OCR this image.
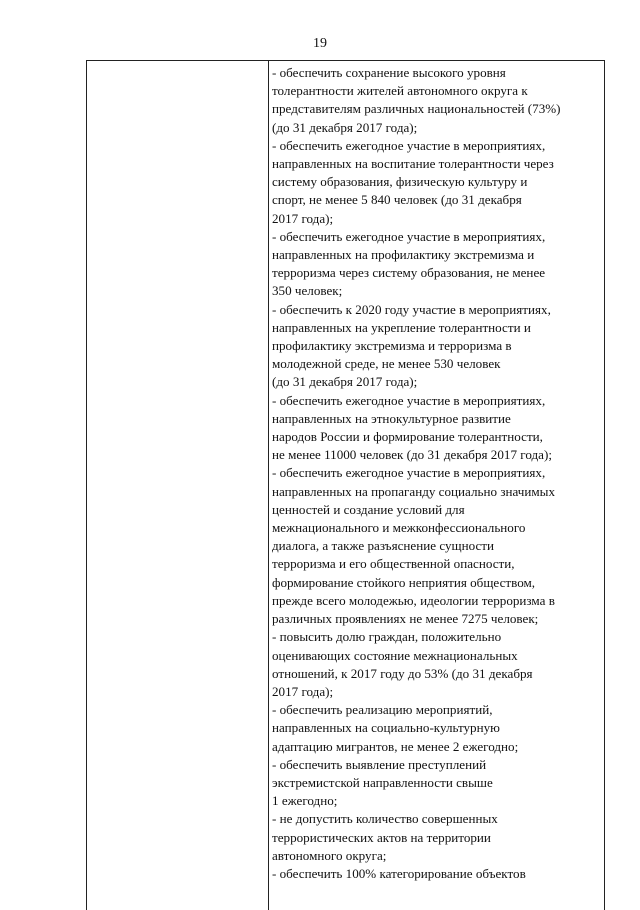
19
- обеспечить сохранение высокого уровня
толерантности жителей автономного округа к
представителям различных национальностей (73%)
(до 31 декабря 2017 года);
- обеспечить ежегодное участие в мероприятиях,
направленных на воспитание толерантности через
систему образования, физическую культуру и
спорт, не менее 5 840 человек (до 31 декабря
2017 года);
- обеспечить ежегодное участие в мероприятиях,
направленных на профилактику экстремизма и
терроризма через систему образования, не менее
350 человек;
- обеспечить к 2020 году участие в мероприятиях,
направленных на укрепление толерантности и
профилактику экстремизма и терроризма в
молодежной среде, не менее 530 человек
(до 31 декабря 2017 года);
- обеспечить ежегодное участие в мероприятиях,
направленных на этнокультурное развитие
народов России и формирование толерантности,
не менее 11000 человек (до 31 декабря 2017 года);
- обеспечить ежегодное участие в мероприятиях,
направленных на пропаганду социально значимых
ценностей и создание условий для
межнационального и межконфессионального
диалога, а также разъяснение сущности
терроризма и его общественной опасности,
формирование стойкого неприятия обществом,
прежде всего молодежью, идеологии терроризма в
различных проявлениях не менее 7275 человек;
- повысить долю граждан, положительно
оценивающих состояние межнациональных
отношений, к 2017 году до 53% (до 31 декабря
2017 года);
- обеспечить реализацию мероприятий,
направленных на социально-культурную
адаптацию мигрантов, не менее 2 ежегодно;
- обеспечить выявление преступлений
экстремистской направленности свыше
1 ежегодно;
- не допустить количество совершенных
террористических актов на территории
автономного округа;
- обеспечить 100% категорирование объектов
